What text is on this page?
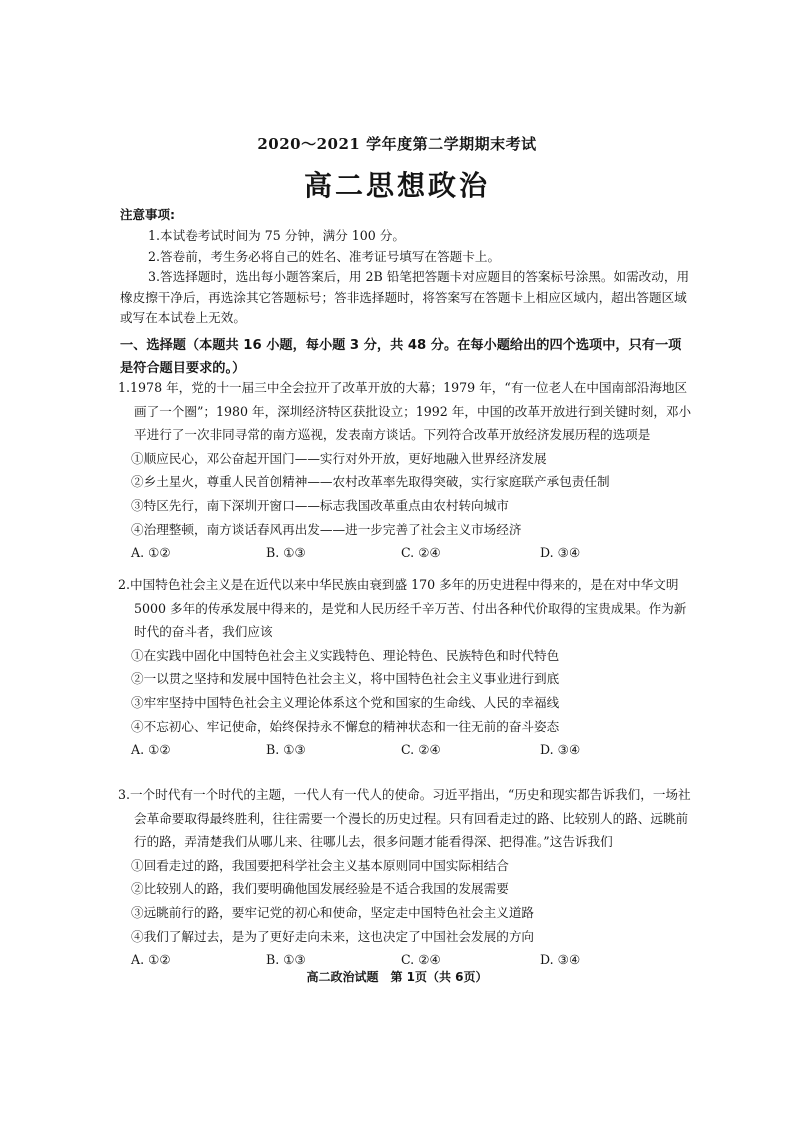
2020～2021 学年度第二学期期末考试
高二思想政治
注意事项:
1.本试卷考试时间为 75 分钟，满分 100 分。
2.答卷前，考生务必将自己的姓名、准考证号填写在答题卡上。
3.答选择题时，选出每小题答案后，用 2B 铅笔把答题卡对应题目的答案标号涂黑。如需改动，用橡皮擦干净后，再选涂其它答题标号；答非选择题时，将答案写在答题卡上相应区域内，超出答题区域或写在本试卷上无效。
一、选择题（本题共 16 小题，每小题 3 分，共 48 分。在每小题给出的四个选项中，只有一项是符合题目要求的。）
1.1978 年，党的十一届三中全会拉开了改革开放的大幕；1979 年，“有一位老人在中国南部沿海地区画了一个圈”；1980 年，深圳经济特区获批设立；1992 年，中国的改革开放进行到关键时刻，邓小平进行了一次非同寻常的南方巡视，发表南方谈话。下列符合改革开放经济发展历程的选项是
①顺应民心，邓公奋起开国门——实行对外开放，更好地融入世界经济发展
②乡土星火，尊重人民首创精神——农村改革率先取得突破，实行家庭联产承包责任制
③特区先行，南下深圳开窗口——标志我国改革重点由农村转向城市
④治理整顿，南方谈话春风再出发——进一步完善了社会主义市场经济
A. ①②	B. ①③	C. ②④	D. ③④
2.中国特色社会主义是在近代以来中华民族由衰到盛 170 多年的历史进程中得来的，是在对中华文明 5000 多年的传承发展中得来的，是党和人民历经千辛万苦、付出各种代价取得的宝贵成果。作为新时代的奋斗者，我们应该
①在实践中固化中国特色社会主义实践特色、理论特色、民族特色和时代特色
②一以贯之坚持和发展中国特色社会主义，将中国特色社会主义事业进行到底
③牢牢坚持中国特色社会主义理论体系这个党和国家的生命线、人民的幸福线
④不忘初心、牢记使命，始终保持永不懈怠的精神状态和一往无前的奋斗姿态
A. ①②	B. ①③	C. ②④	D. ③④
3.一个时代有一个时代的主题，一代人有一代人的使命。习近平指出，“历史和现实都告诉我们，一场社会革命要取得最终胜利，往往需要一个漫长的历史过程。只有回看走过的路、比较别人的路、远眺前行的路，弄清楚我们从哪儿来、往哪儿去，很多问题才能看得深、把得准。”这告诉我们
①回看走过的路，我国要把科学社会主义基本原则同中国实际相结合
②比较别人的路，我们要明确他国发展经验是不适合我国的发展需要
③远眺前行的路，要牢记党的初心和使命，坚定走中国特色社会主义道路
④我们了解过去，是为了更好走向未来，这也决定了中国社会发展的方向
A. ①②	B. ①③	C. ②④	D. ③④
高二政治试题　第 1页（共 6页）
